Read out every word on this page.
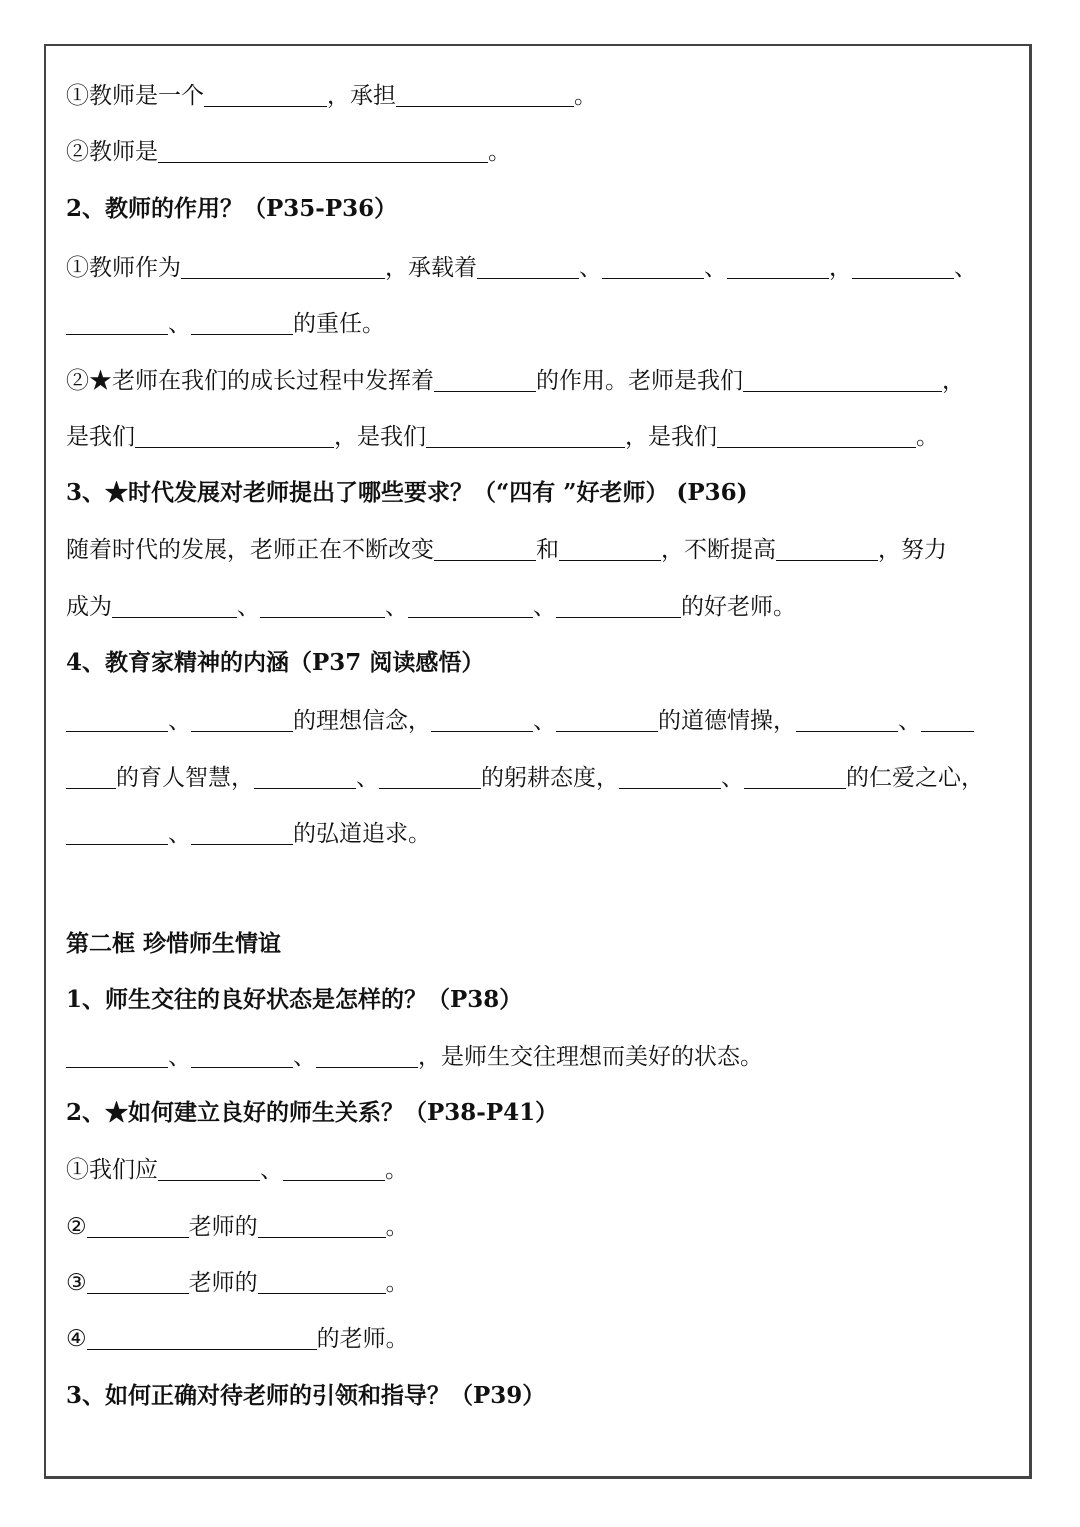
①教师是一个	，承担	。
②教师是	。
2、教师的作用？（P35-P36）
①教师作为	，承载着	、	、	，	、
、	的重任。
②★老师在我们的成长过程中发挥着	的作用。老师是我们	，
是我们	，是我们	，是我们	。
3、★时代发展对老师提出了哪些要求？（“四有 ”好老师） (P36)
随着时代的发展，老师正在不断改变	和	，不断提高	，努力
成为	、	、	、	的好老师。
4、教育家精神的内涵（P37 阅读感悟）
、	的理想信念，	、	的道德情操，	、
的育人智慧，	、	的躬耕态度，	、	的仁爱之心，
、	的弘道追求。
第二框 珍惜师生情谊
1、师生交往的良好状态是怎样的？（P38）
、	、	，是师生交往理想而美好的状态。
2、★如何建立良好的师生关系？（P38-P41）
①我们应	、	。
②	老师的	。
③	老师的	。
④	的老师。
3、如何正确对待老师的引领和指导？（P39）
